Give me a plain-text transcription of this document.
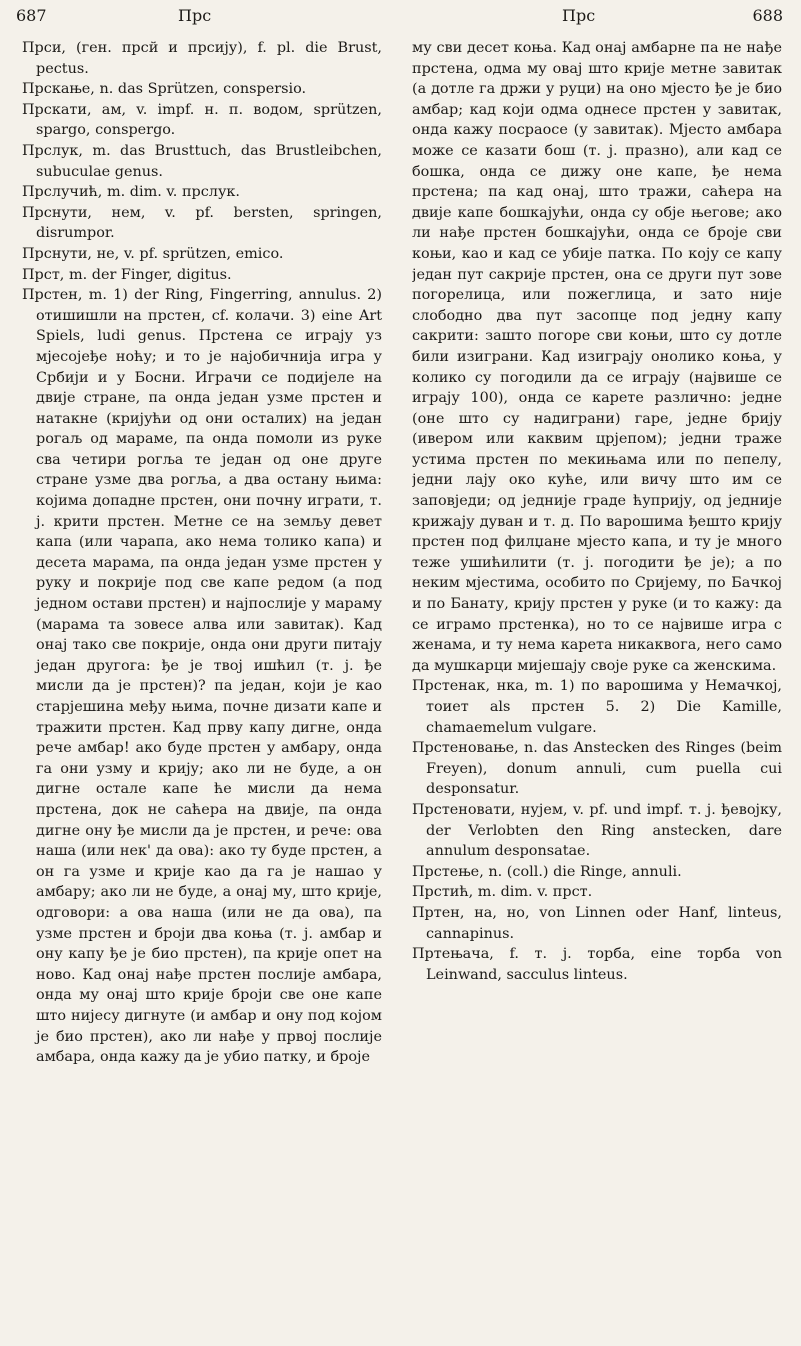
687	Прс	Прс	688

Прси, (ген. прсй и прсију), f. pl. die Brust, pectus.

Прскање, n. das Sprützen, conspersio.

Прскати, ам, v. impf. н. п. водом, sprützen, spargo, conspergo.

Прслук, m. das Brusttuch, das Brustleibchen, subuculae genus.

Прслучић, m. dim. v. прслук.

Прснути, нем, v. pf. bersten, springen, disrumpor.

Прснути, не, v. pf. sprützen, emico.

Прст, m. der Finger, digitus.

Прстен, m. 1) der Ring, Fingerring, annulus. 2) отишишли на прстен, cf. колачи. 3) eine Art Spiels, ludi genus. Прстена се играју уз мјесојеђе ноћу; и то је најобичнија игра у Србији и у Босни. Играчи се подијеле на двије стране, па онда један узме прстен и натакне (кријући од они осталих) на један рогаљ од мараме, па онда помоли из руке сва четири рогља те један од оне друге стране узме два рогља, а два остану њима: којима допадне прстен, они почну играти, т. ј. крити прстен. Метне се на земљу девет капа (или чарапа, ако нема толико капа) и десета марама, па онда један узме прстен у руку и покрије под све капе редом (а под једном остави прстен) и најпослије у мараму (марама та зовесе алва или завитак). Кад онај тако све покрије, онда они други питају један другога: ђе је твој ишћил (т. ј. ђе мисли да је прстен)? па један, који је као старјешина међу њима, почне дизати капе и тражити прстен. Кад прву капу дигне, онда рече амбар! ако буде прстен у амбару, онда га они узму и крију; ако ли не буде, а он дигне остале капе ће мисли да нема прстена, док не саћера на двије, па онда дигне ону ђе мисли да је прстен, и рече: ова наша (или нек' да ова): ако ту буде прстен, а он га узме и крије као да га је нашао у амбару; ако ли не буде, а онај му, што крије, одговори: а ова наша (или не да ова), па узме прстен и броји два коња (т. ј. амбар и ону капу ђе је био прстен), па крије опет на ново. Кад онај нађе прстен послије амбара, онда му онај што крије броји све оне капе што нијесу дигнуте (и амбар и ону под којом је био прстен), ако ли нађе у првој послије амбара, онда кажу да је убио патку, и броје

му сви десет коња. Кад онај амбарне па не нађе прстена, одма му овај што крије метне завитак (а дотле га држи у руци) на оно мјесто ђе је био амбар; кад који одма однесе прстен у завитак, онда кажу посраосе (у завитак). Мјесто амбара може се казати бош (т. ј. празно), али кад се бошка, онда се дижу оне капе, ђе нема прстена; па кад онај, што тражи, саћера на двије капе бошкајући, онда су обје његове; ако ли нађе прстен бошкајући, онда се броје сви коњи, као и кад се убије патка. По коју се капу један пут сакрије прстен, она се други пут зове погорелица, или пожеглица, и зато није слободно два пут засопце под једну капу сакрити: зашто погоре сви коњи, што су дотле били изиграни. Кад изиграју онолико коња, у колико су погодили да се играју (највише се играју 100), онда се карете различно: једне (оне што су надиграни) гаре, једне брију (ивером или каквим црјепом); једни траже устима прстен по мекињама или по пепелу, једни лају око куће, или вичу што им се заповједи; од једније граде ћуприју, од једније крижају дуван и т. д. По варошима ђешто крију прстен под филџане мјесто капа, и ту је много теже ушићилити (т. ј. погодити ђе је); а по неким мјестима, особито по Сријему, по Бачкој и по Банату, крију прстен у руке (и то кажу: да се играмо прстенка), но то се највише игра с женама, и ту нема карета никаквога, него само да мушкарци мијешају своје руке са женскима.

Прстенак, нка, m. 1) по варошима у Немачкој, тоиет als прстен 5. 2) Die Kamille, chamaemelum vulgare.

Прстеновање, n. das Anstecken des Ringes (beim Freyen), donum annuli, cum puella cui desponsatur.

Прстеновати, нујем, v. pf. und impf. т. ј. ђевојку, der Verlobten den Ring anstecken, dare annulum desponsatae.

Прстење, n. (coll.) die Ringe, annuli.

Прстић, m. dim. v. прст.

Пртен, на, но, von Linnen oder Hanf, linteus, cannapinus.

Пртењача, f. т. ј. торба, eine торба von Leinwand, sacculus linteus.
